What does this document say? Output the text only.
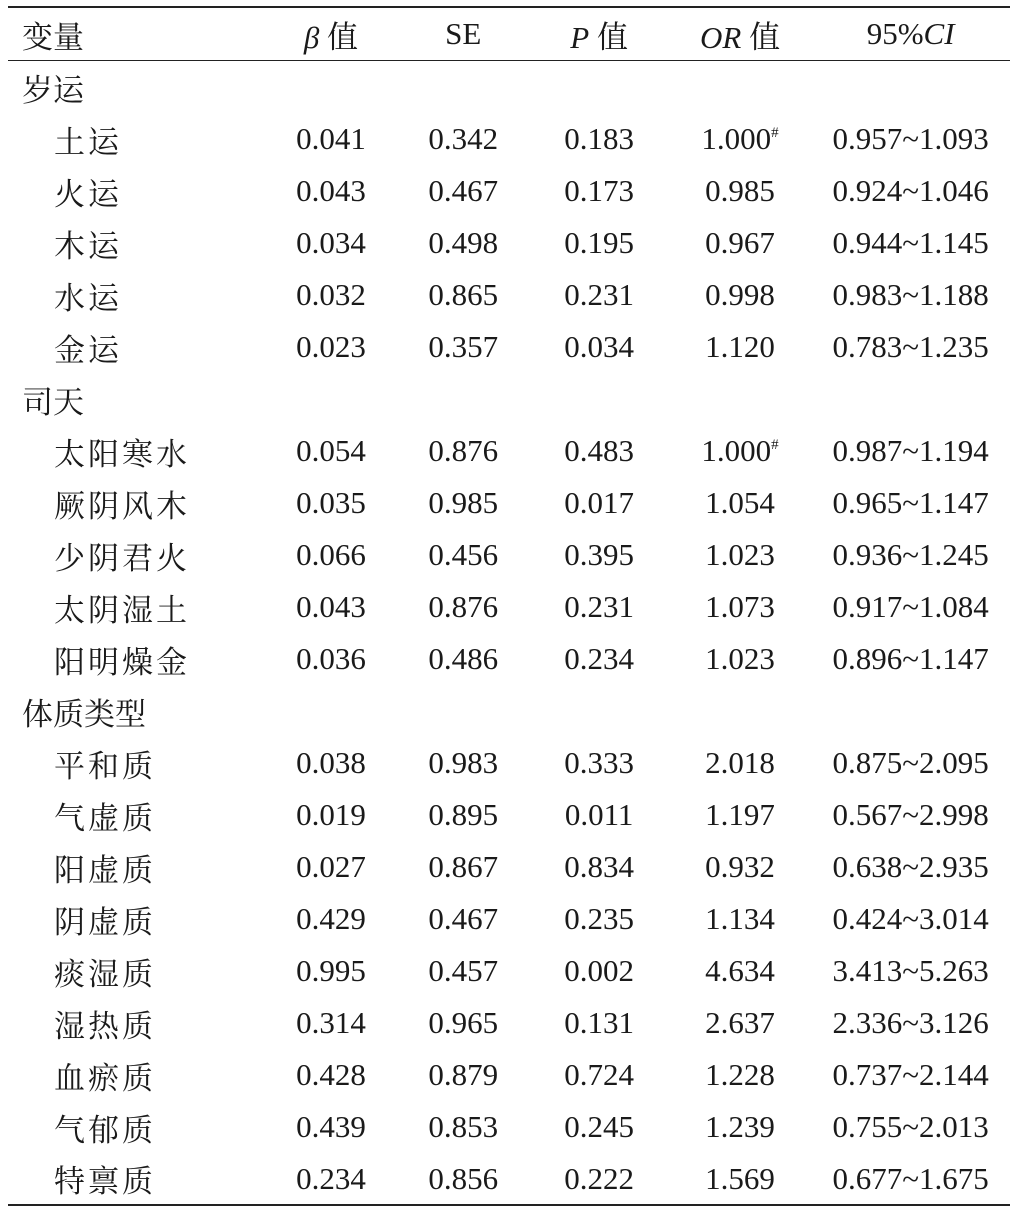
变量	β 值	SE	P 值	OR 值	95%CI
岁运					
土运	0.041	0.342	0.183	1.000#	0.957~1.093
火运	0.043	0.467	0.173	0.985	0.924~1.046
木运	0.034	0.498	0.195	0.967	0.944~1.145
水运	0.032	0.865	0.231	0.998	0.983~1.188
金运	0.023	0.357	0.034	1.120	0.783~1.235
司天					
太阳寒水	0.054	0.876	0.483	1.000#	0.987~1.194
厥阴风木	0.035	0.985	0.017	1.054	0.965~1.147
少阴君火	0.066	0.456	0.395	1.023	0.936~1.245
太阴湿土	0.043	0.876	0.231	1.073	0.917~1.084
阳明燥金	0.036	0.486	0.234	1.023	0.896~1.147
体质类型					
平和质	0.038	0.983	0.333	2.018	0.875~2.095
气虚质	0.019	0.895	0.011	1.197	0.567~2.998
阳虚质	0.027	0.867	0.834	0.932	0.638~2.935
阴虚质	0.429	0.467	0.235	1.134	0.424~3.014
痰湿质	0.995	0.457	0.002	4.634	3.413~5.263
湿热质	0.314	0.965	0.131	2.637	2.336~3.126
血瘀质	0.428	0.879	0.724	1.228	0.737~2.144
气郁质	0.439	0.853	0.245	1.239	0.755~2.013
特禀质	0.234	0.856	0.222	1.569	0.677~1.675
